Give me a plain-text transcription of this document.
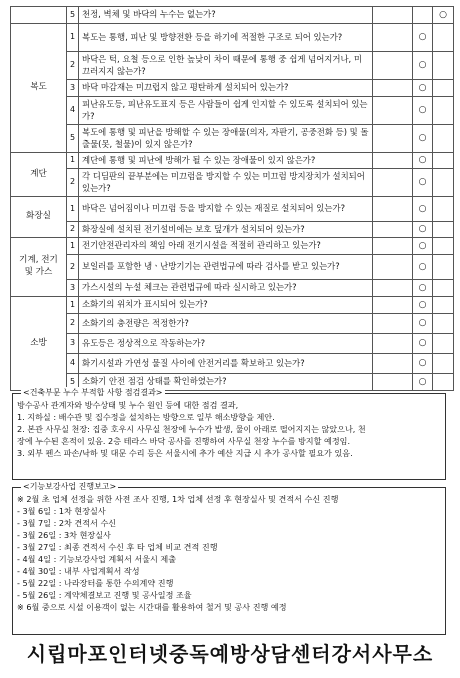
	5	천정, 벽체 및 바닥의 누수는 없는가?			○
복도	1	복도는 통행, 피난 및 방향전환 등을 하기에 적절한 구조로 되어 있는가?		○	
	2	바닥은 턱, 요철 등으로 인한 높낮이 차이 때문에 통행 중 쉽게 넘어지거나, 미끄러지지 않는가?		○	
	3	바닥 마감재는 미끄럽지 않고 평탄하게 설치되어 있는가?		○	
	4	피난유도등, 피난유도표지 등은 사람들이 쉽게 인지할 수 있도록 설치되어 있는가?		○	
	5	복도에 통행 및 피난을 방해할 수 있는 장애물(의자, 자판기, 공중전화 등) 및 돌출물(못, 철물)이 있지 않은가?		○	
계단	1	계단에 통행 및 피난에 방해가 될 수 있는 장애물이 있지 않은가?		○	
	2	각 디딤판의 끝부분에는 미끄럼을 방지할 수 있는 미끄럼 방지장치가 설치되어 있는가?		○	
화장실	1	바닥은 넘어짐이나 미끄럼 등을 방지할 수 있는 재질로 설치되어 있는가?		○	
	2	화장실에 설치된 전기설비에는 보호 덮개가 설치되어 있는가?		○	
기계, 전기 및 가스	1	전기안전관리자의 책임 아래 전기시설을 적절히 관리하고 있는가?		○	
	2	보일러를 포함한 냉ㆍ난방기기는 관련법규에 따라 검사를 받고 있는가?		○	
	3	가스시설의 누설 체크는 관련법규에 따라 실시하고 있는가?		○	
소방	1	소화기의 위치가 표시되어 있는가?		○	
	2	소화기의 충전량은 적정한가?		○	
	3	유도등은 정상적으로 작동하는가?		○	
	4	화기시설과 가연성 물질 사이에 안전거리를 확보하고 있는가?		○	
	5	소화기 안전 점검 상태를 확인하였는가?		○	
<건축부문 누수 부적합 사항 점검결과>
방수공사 관계자와 방수상태 및 누수 원인 등에 대한 점검 결과,
1. 지하실 : 배수관 및 집수정을 설치하는 방향으로 일부 해소방향을 제안.
2. 본관 사무실 천장: 집중 호우시 사무실 천장에 누수가 발생, 물이 아래로 떨어지지는 않았으나, 천
장에 누수된 흔적이 있음. 2층 테라스 바닥 공사를 진행하여 사무실 천장 누수를 방지할 예정임.
3. 외부 펜스 파손/낙하 및 대문 수리 등은 서울시에 추가 예산 지급 시 추가 공사할 필요가 있음.
<기능보강사업 진행보고>
※ 2월 초 업체 선정을 위한 사전 조사 진행, 1차 업체 선정 후 현장실사 및 견적서 수신 진행
- 3월 6일 : 1차 현장실사
- 3월 7일 : 2차 견적서 수신
- 3월 26일 : 3차 현장실사
- 3월 27일 : 최종 견적서 수신 후 타 업체 비교 견적 진행
- 4월 4일 : 기능보강사업 계획서 서울시 제출
- 4월 30일 : 내부 사업계획서 작성
- 5월 22일 : 나라장터를 통한 수의계약 진행
- 5월 26일 : 계약체결보고 진행 및 공사일정 조율
※ 6월 중으로 시설 이용객이 없는 시간대를 활용하여 철거 및 공사 진행 예정
시립마포인터넷중독예방상담센터강서사무소
